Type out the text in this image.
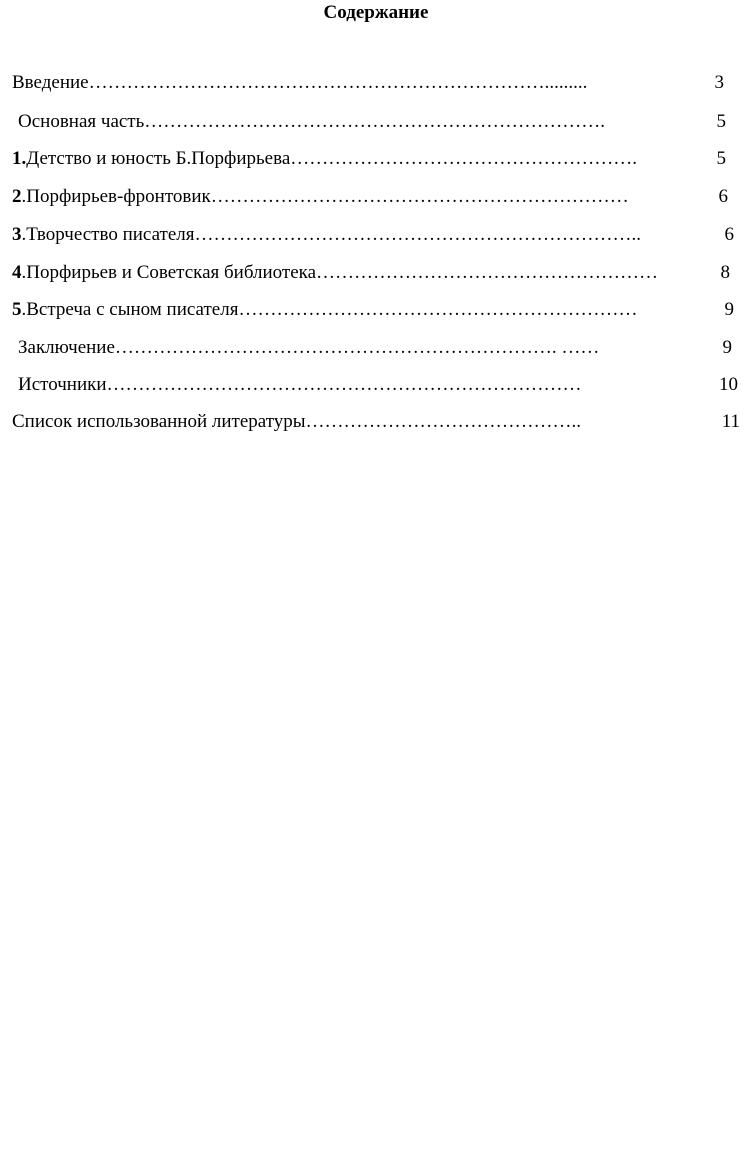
Содержание
Введение ……………………………………………………………….........	3
Основная часть ……………………………………………………………….	5
1. Детство и юность Б.Порфирьева ……………………………………………….	5
2 . Порфирьев-фронтовик …………………………………………………………	6
3 . Творчество писателя ……………………………………………………………..	6
4 . Порфирьев и Советская библиотека ………………………………………………	8
5 . Встреча с сыном писателя ………………………………………………………	9
Заключение ……………………………………………………………. ……	9
Источники …………………………………………………………………	10
Список использованной литературы ……………………………………..	11
